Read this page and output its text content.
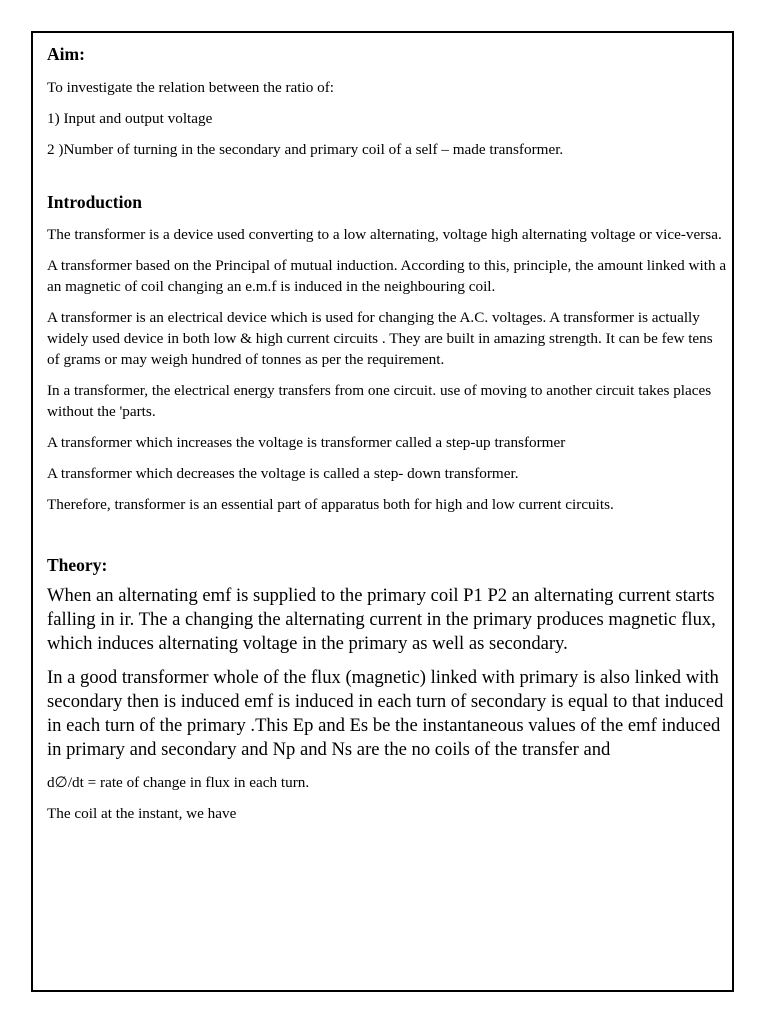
Aim:

To investigate the relation between the ratio of:

1) Input and output voltage

2 )Number of turning in the secondary and primary coil of a self – made transformer.

Introduction

The transformer is a device used converting to a low alternating, voltage high alternating voltage or vice-versa.

A transformer based on the Principal of mutual induction. According to this, principle, the amount linked with a an magnetic of coil changing an e.m.f is induced in the neighbouring coil.

A transformer is an electrical device which is used for changing the A.C. voltages. A transformer is actually widely used device in both low & high current circuits . They are built in amazing strength. It can be few tens of grams or may weigh hundred of tonnes as per the requirement.

In a transformer, the electrical energy transfers from one circuit. use of moving to another circuit takes places without the 'parts.

A transformer which increases the voltage is transformer called a step-up transformer

A transformer which decreases the voltage is called a step- down transformer.

Therefore, transformer is an essential part of apparatus both for high and low current circuits.

Theory:

When an alternating emf is supplied to the primary coil P1 P2 an alternating current starts falling in ir. The a changing the alternating current in the primary produces magnetic flux, which induces alternating voltage in the primary as well as secondary.

In a good transformer whole of the flux (magnetic) linked with primary is also linked with secondary then is induced emf is induced in each turn of secondary is equal to that induced in each turn of the primary .This Ep and Es be the instantaneous values of the emf induced in primary and secondary and Np and Ns are the no coils of the transfer and

d∅/dt = rate of change in flux in each turn.

The coil at the instant, we have
